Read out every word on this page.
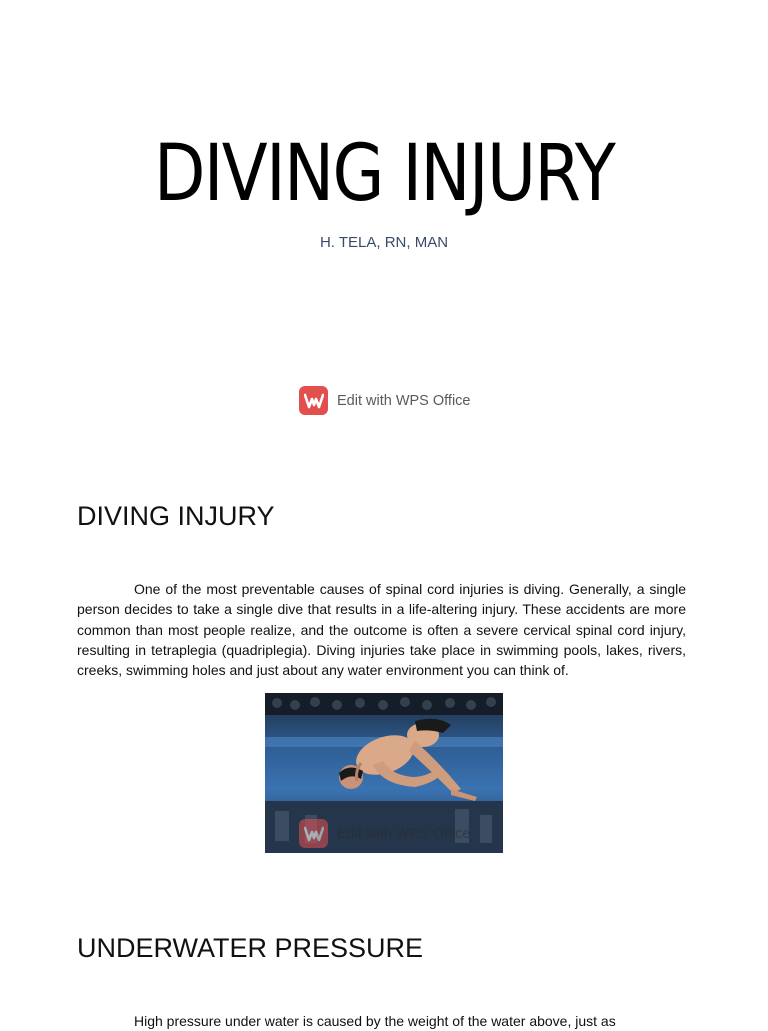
DIVING INJURY
H. TELA, RN, MAN
Edit with WPS Office
DIVING INJURY

One of the most preventable causes of spinal cord injuries is diving. Generally, a single person decides to take a single dive that results in a life-altering injury. These accidents are more common than most people realize, and the outcome is often a severe cervical spinal cord injury, resulting in tetraplegia (quadriplegia). Diving injuries take place in swimming pools, lakes, rivers, creeks, swimming holes and just about any water environment you can think of.

Edit with WPS Office
UNDERWATER PRESSURE

High pressure under water is caused by the weight of the water above, just as
